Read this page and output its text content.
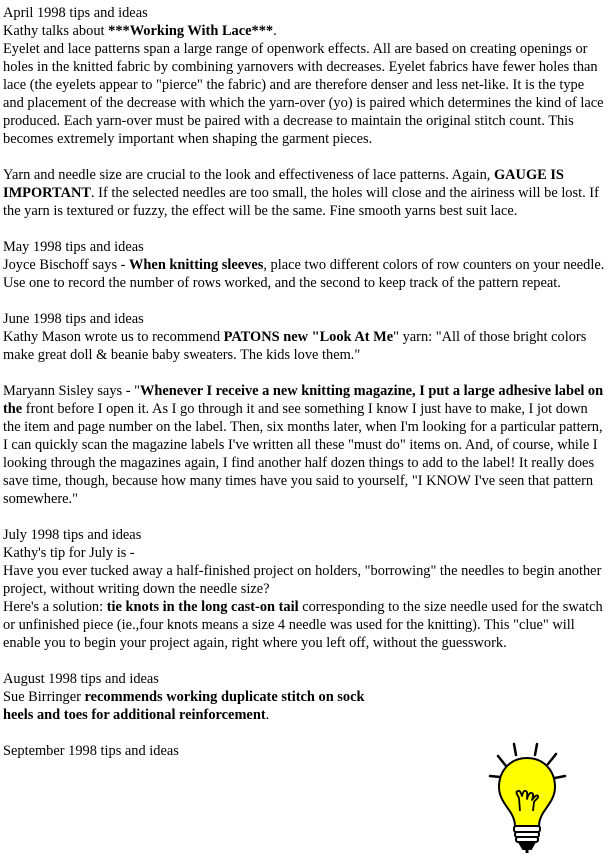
April 1998 tips and ideas

Kathy talks about ***Working With Lace***.

Eyelet and lace patterns span a large range of openwork effects. All are based on creating openings or holes in the knitted fabric by combining yarnovers with decreases. Eyelet fabrics have fewer holes than lace (the eyelets appear to "pierce" the fabric) and are therefore denser and less net-like. It is the type and placement of the decrease with which the yarn-over (yo) is paired which determines the kind of lace produced. Each yarn-over must be paired with a decrease to maintain the original stitch count. This becomes extremely important when shaping the garment pieces.

Yarn and needle size are crucial to the look and effectiveness of lace patterns. Again, GAUGE IS IMPORTANT. If the selected needles are too small, the holes will close and the airiness will be lost. If the yarn is textured or fuzzy, the effect will be the same. Fine smooth yarns best suit lace.

May 1998 tips and ideas

Joyce Bischoff says - When knitting sleeves, place two different colors of row counters on your needle. Use one to record the number of rows worked, and the second to keep track of the pattern repeat.

June 1998 tips and ideas

Kathy Mason wrote us to recommend PATONS new "Look At Me" yarn: "All of those bright colors make great doll & beanie baby sweaters. The kids love them."

Maryann Sisley says - "Whenever I receive a new knitting magazine, I put a large adhesive label on the front before I open it. As I go through it and see something I know I just have to make, I jot down the item and page number on the label. Then, six months later, when I'm looking for a particular pattern, I can quickly scan the magazine labels I've written all these "must do" items on. And, of course, while I looking through the magazines again, I find another half dozen things to add to the label! It really does save time, though, because how many times have you said to yourself, "I KNOW I've seen that pattern somewhere."

July 1998 tips and ideas

Kathy's tip for July is -

Have you ever tucked away a half-finished project on holders, "borrowing" the needles to begin another project, without writing down the needle size?

Here's a solution: tie knots in the long cast-on tail corresponding to the size needle used for the swatch or unfinished piece (ie.,four knots means a size 4 needle was used for the knitting). This "clue" will enable you to begin your project again, right where you left off, without the guesswork.

August 1998 tips and ideas

Sue Birringer recommends working duplicate stitch on sock
heels and toes for additional reinforcement.

September 1998 tips and ideas
